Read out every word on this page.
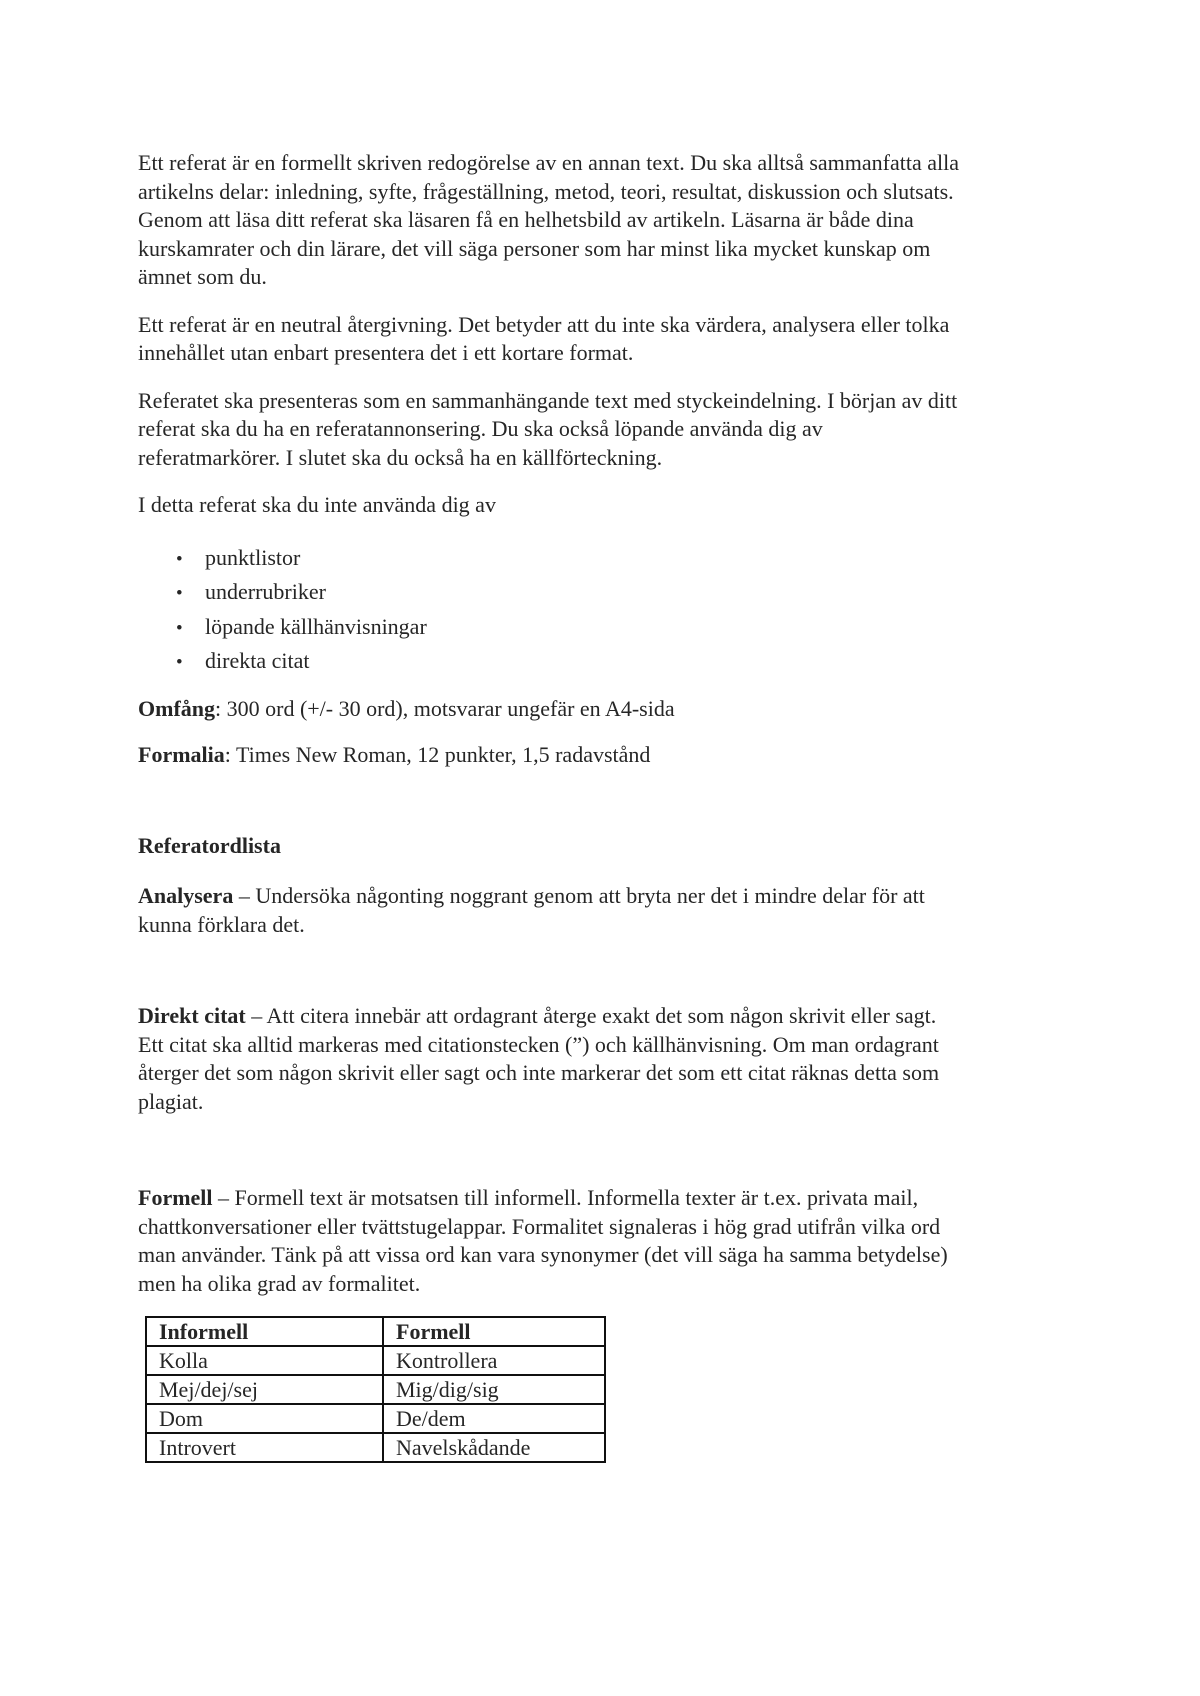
Ett referat är en formellt skriven redogörelse av en annan text. Du ska alltså sammanfatta alla
artikelns delar: inledning, syfte, frågeställning, metod, teori, resultat, diskussion och slutsats.
Genom att läsa ditt referat ska läsaren få en helhetsbild av artikeln. Läsarna är både dina
kurskamrater och din lärare, det vill säga personer som har minst lika mycket kunskap om
ämnet som du.
Ett referat är en neutral återgivning. Det betyder att du inte ska värdera, analysera eller tolka
innehållet utan enbart presentera det i ett kortare format.
Referatet ska presenteras som en sammanhängande text med styckeindelning. I början av ditt
referat ska du ha en referatannonsering. Du ska också löpande använda dig av
referatmarkörer. I slutet ska du också ha en källförteckning.
I detta referat ska du inte använda dig av
• punktlistor
• underrubriker
• löpande källhänvisningar
• direkta citat
Omfång: 300 ord (+/- 30 ord), motsvarar ungefär en A4-sida
Formalia: Times New Roman, 12 punkter, 1,5 radavstånd
Referatordlista
Analysera – Undersöka någonting noggrant genom att bryta ner det i mindre delar för att
kunna förklara det.
Direkt citat – Att citera innebär att ordagrant återge exakt det som någon skrivit eller sagt.
Ett citat ska alltid markeras med citationstecken (”) och källhänvisning. Om man ordagrant
återger det som någon skrivit eller sagt och inte markerar det som ett citat räknas detta som
plagiat.
Formell – Formell text är motsatsen till informell. Informella texter är t.ex. privata mail,
chattkonversationer eller tvättstugelappar. Formalitet signaleras i hög grad utifrån vilka ord
man använder. Tänk på att vissa ord kan vara synonymer (det vill säga ha samma betydelse)
men ha olika grad av formalitet.
Informell	Formell
Kolla	Kontrollera
Mej/dej/sej	Mig/dig/sig
Dom	De/dem
Introvert	Navelskådande
